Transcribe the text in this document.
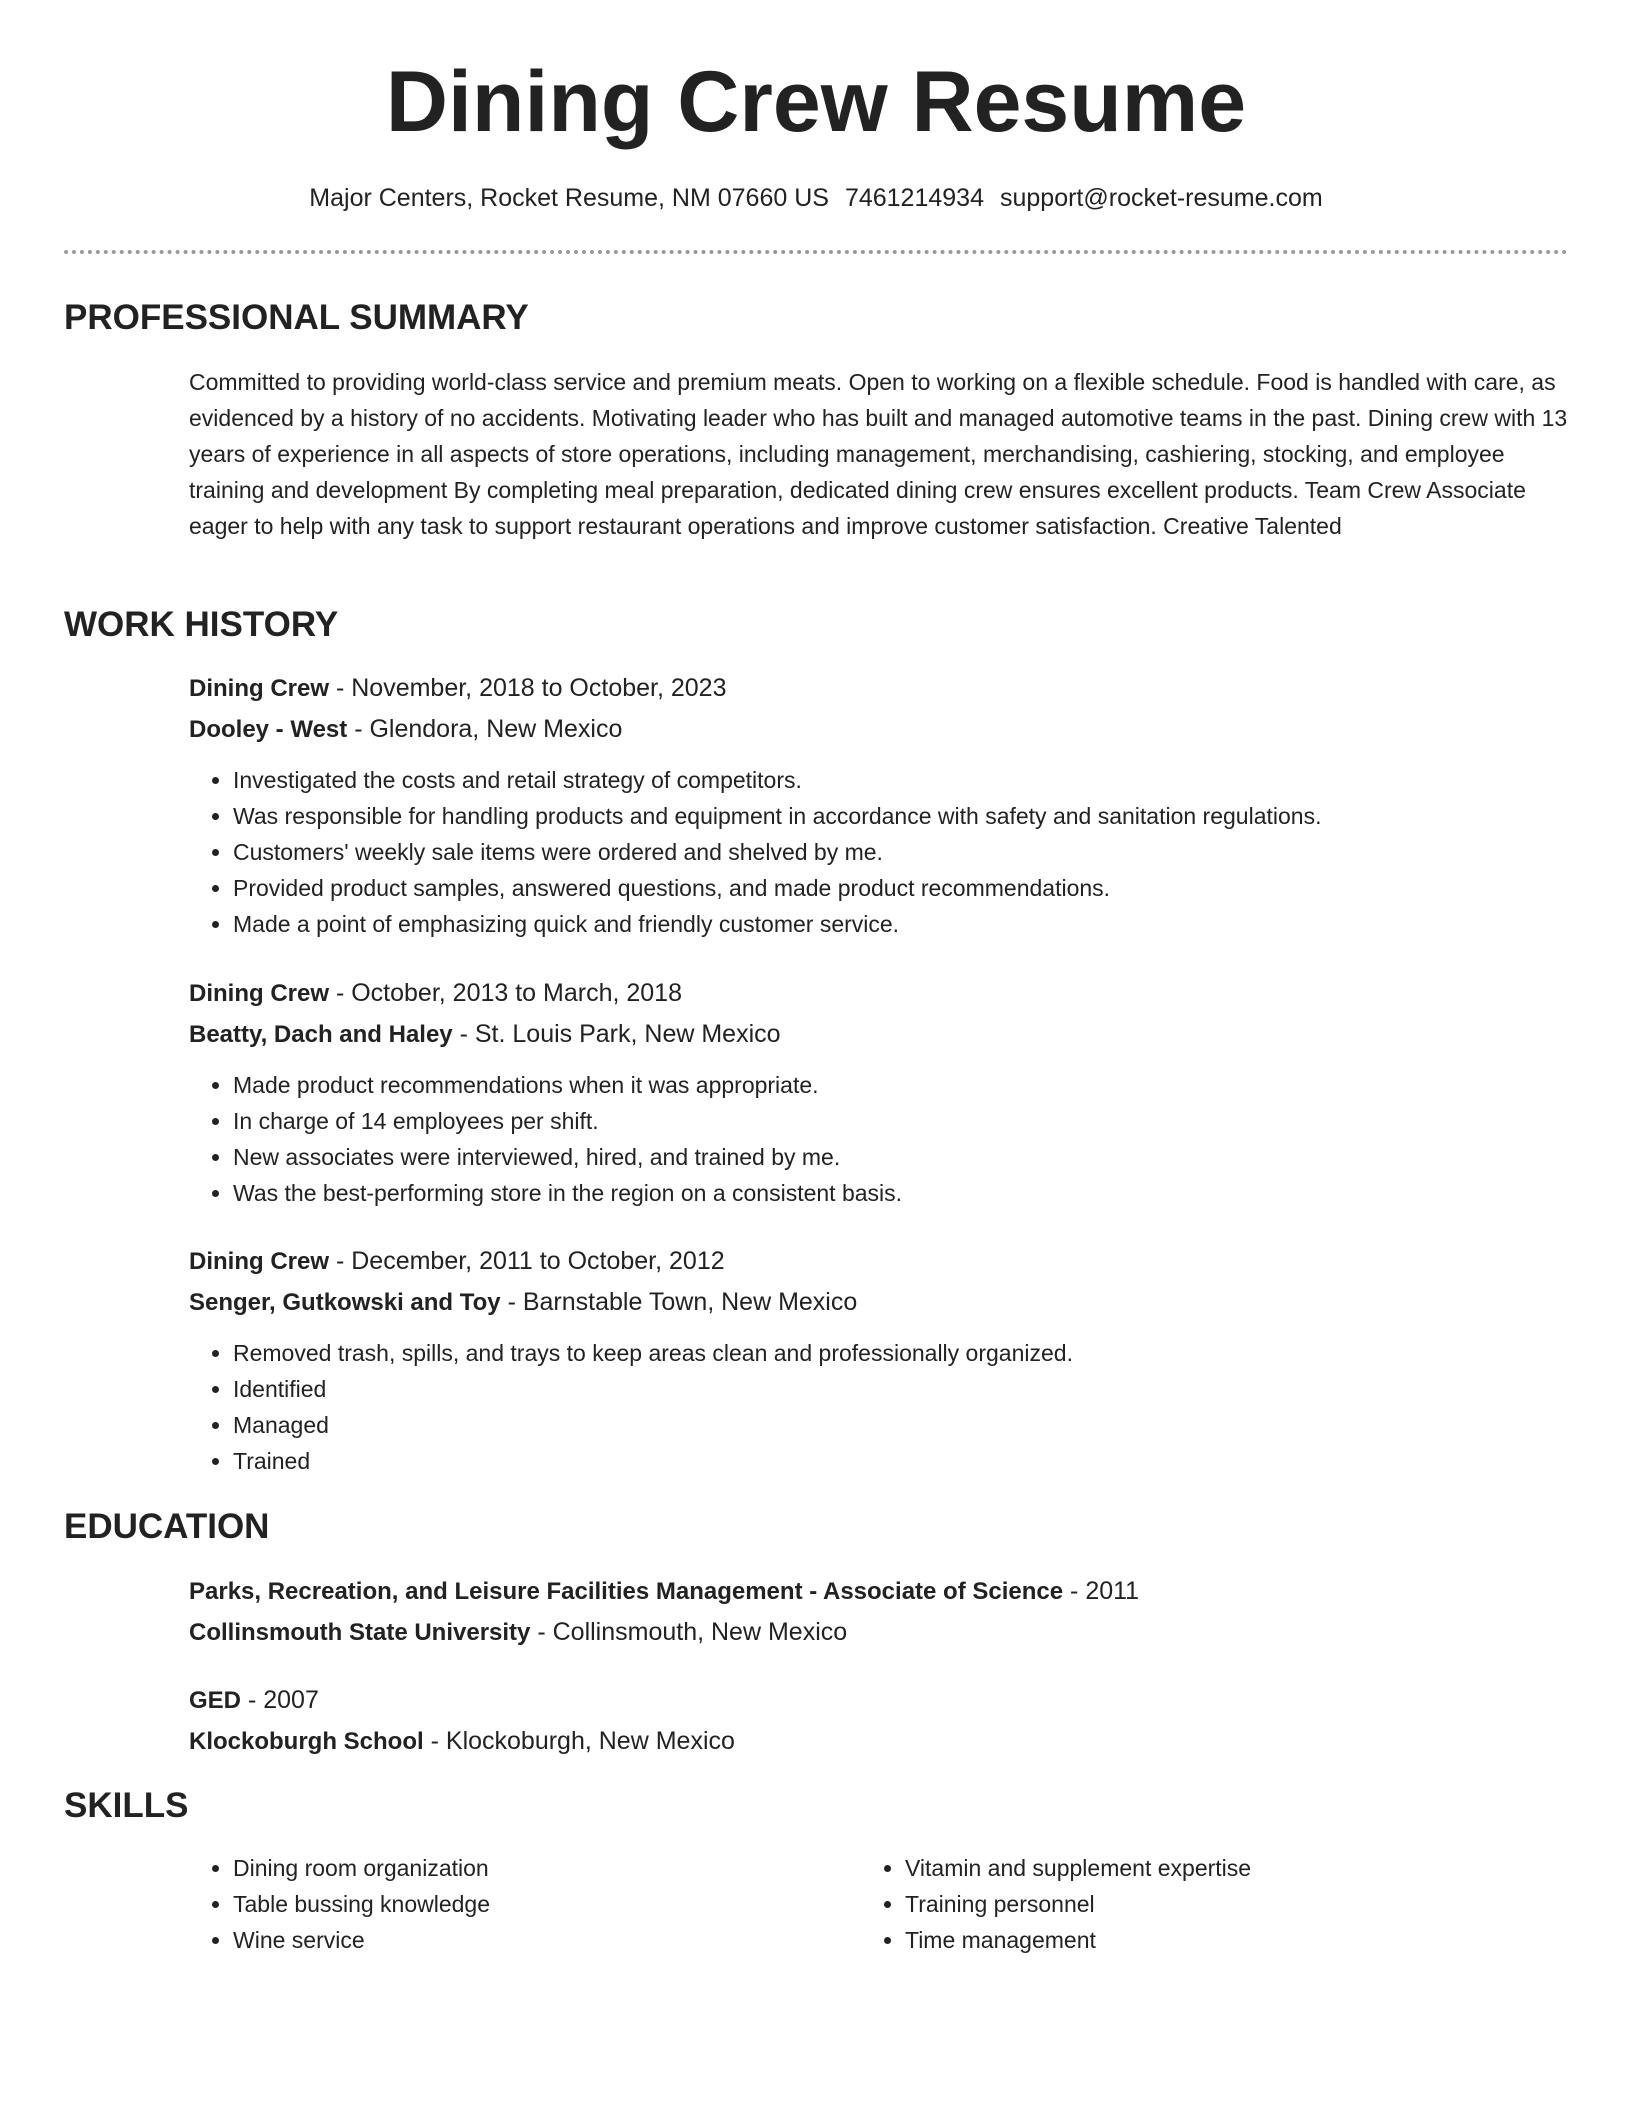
Dining Crew Resume
Major Centers, Rocket Resume, NM 07660 US 7461214934 support@rocket-resume.com
PROFESSIONAL SUMMARY
Committed to providing world-class service and premium meats. Open to working on a flexible schedule. Food is handled with care, as evidenced by a history of no accidents. Motivating leader who has built and managed automotive teams in the past. Dining crew with 13 years of experience in all aspects of store operations, including management, merchandising, cashiering, stocking, and employee training and development By completing meal preparation, dedicated dining crew ensures excellent products. Team Crew Associate eager to help with any task to support restaurant operations and improve customer satisfaction. Creative Talented
WORK HISTORY
Dining Crew - November, 2018 to October, 2023
Dooley - West - Glendora, New Mexico
• Investigated the costs and retail strategy of competitors.
• Was responsible for handling products and equipment in accordance with safety and sanitation regulations.
• Customers' weekly sale items were ordered and shelved by me.
• Provided product samples, answered questions, and made product recommendations.
• Made a point of emphasizing quick and friendly customer service.
Dining Crew - October, 2013 to March, 2018
Beatty, Dach and Haley - St. Louis Park, New Mexico
• Made product recommendations when it was appropriate.
• In charge of 14 employees per shift.
• New associates were interviewed, hired, and trained by me.
• Was the best-performing store in the region on a consistent basis.
Dining Crew - December, 2011 to October, 2012
Senger, Gutkowski and Toy - Barnstable Town, New Mexico
• Removed trash, spills, and trays to keep areas clean and professionally organized.
• Identified
• Managed
• Trained
EDUCATION
Parks, Recreation, and Leisure Facilities Management - Associate of Science - 2011
Collinsmouth State University - Collinsmouth, New Mexico
GED - 2007
Klockoburgh School - Klockoburgh, New Mexico
SKILLS
• Dining room organization
• Table bussing knowledge
• Wine service
• Vitamin and supplement expertise
• Training personnel
• Time management
